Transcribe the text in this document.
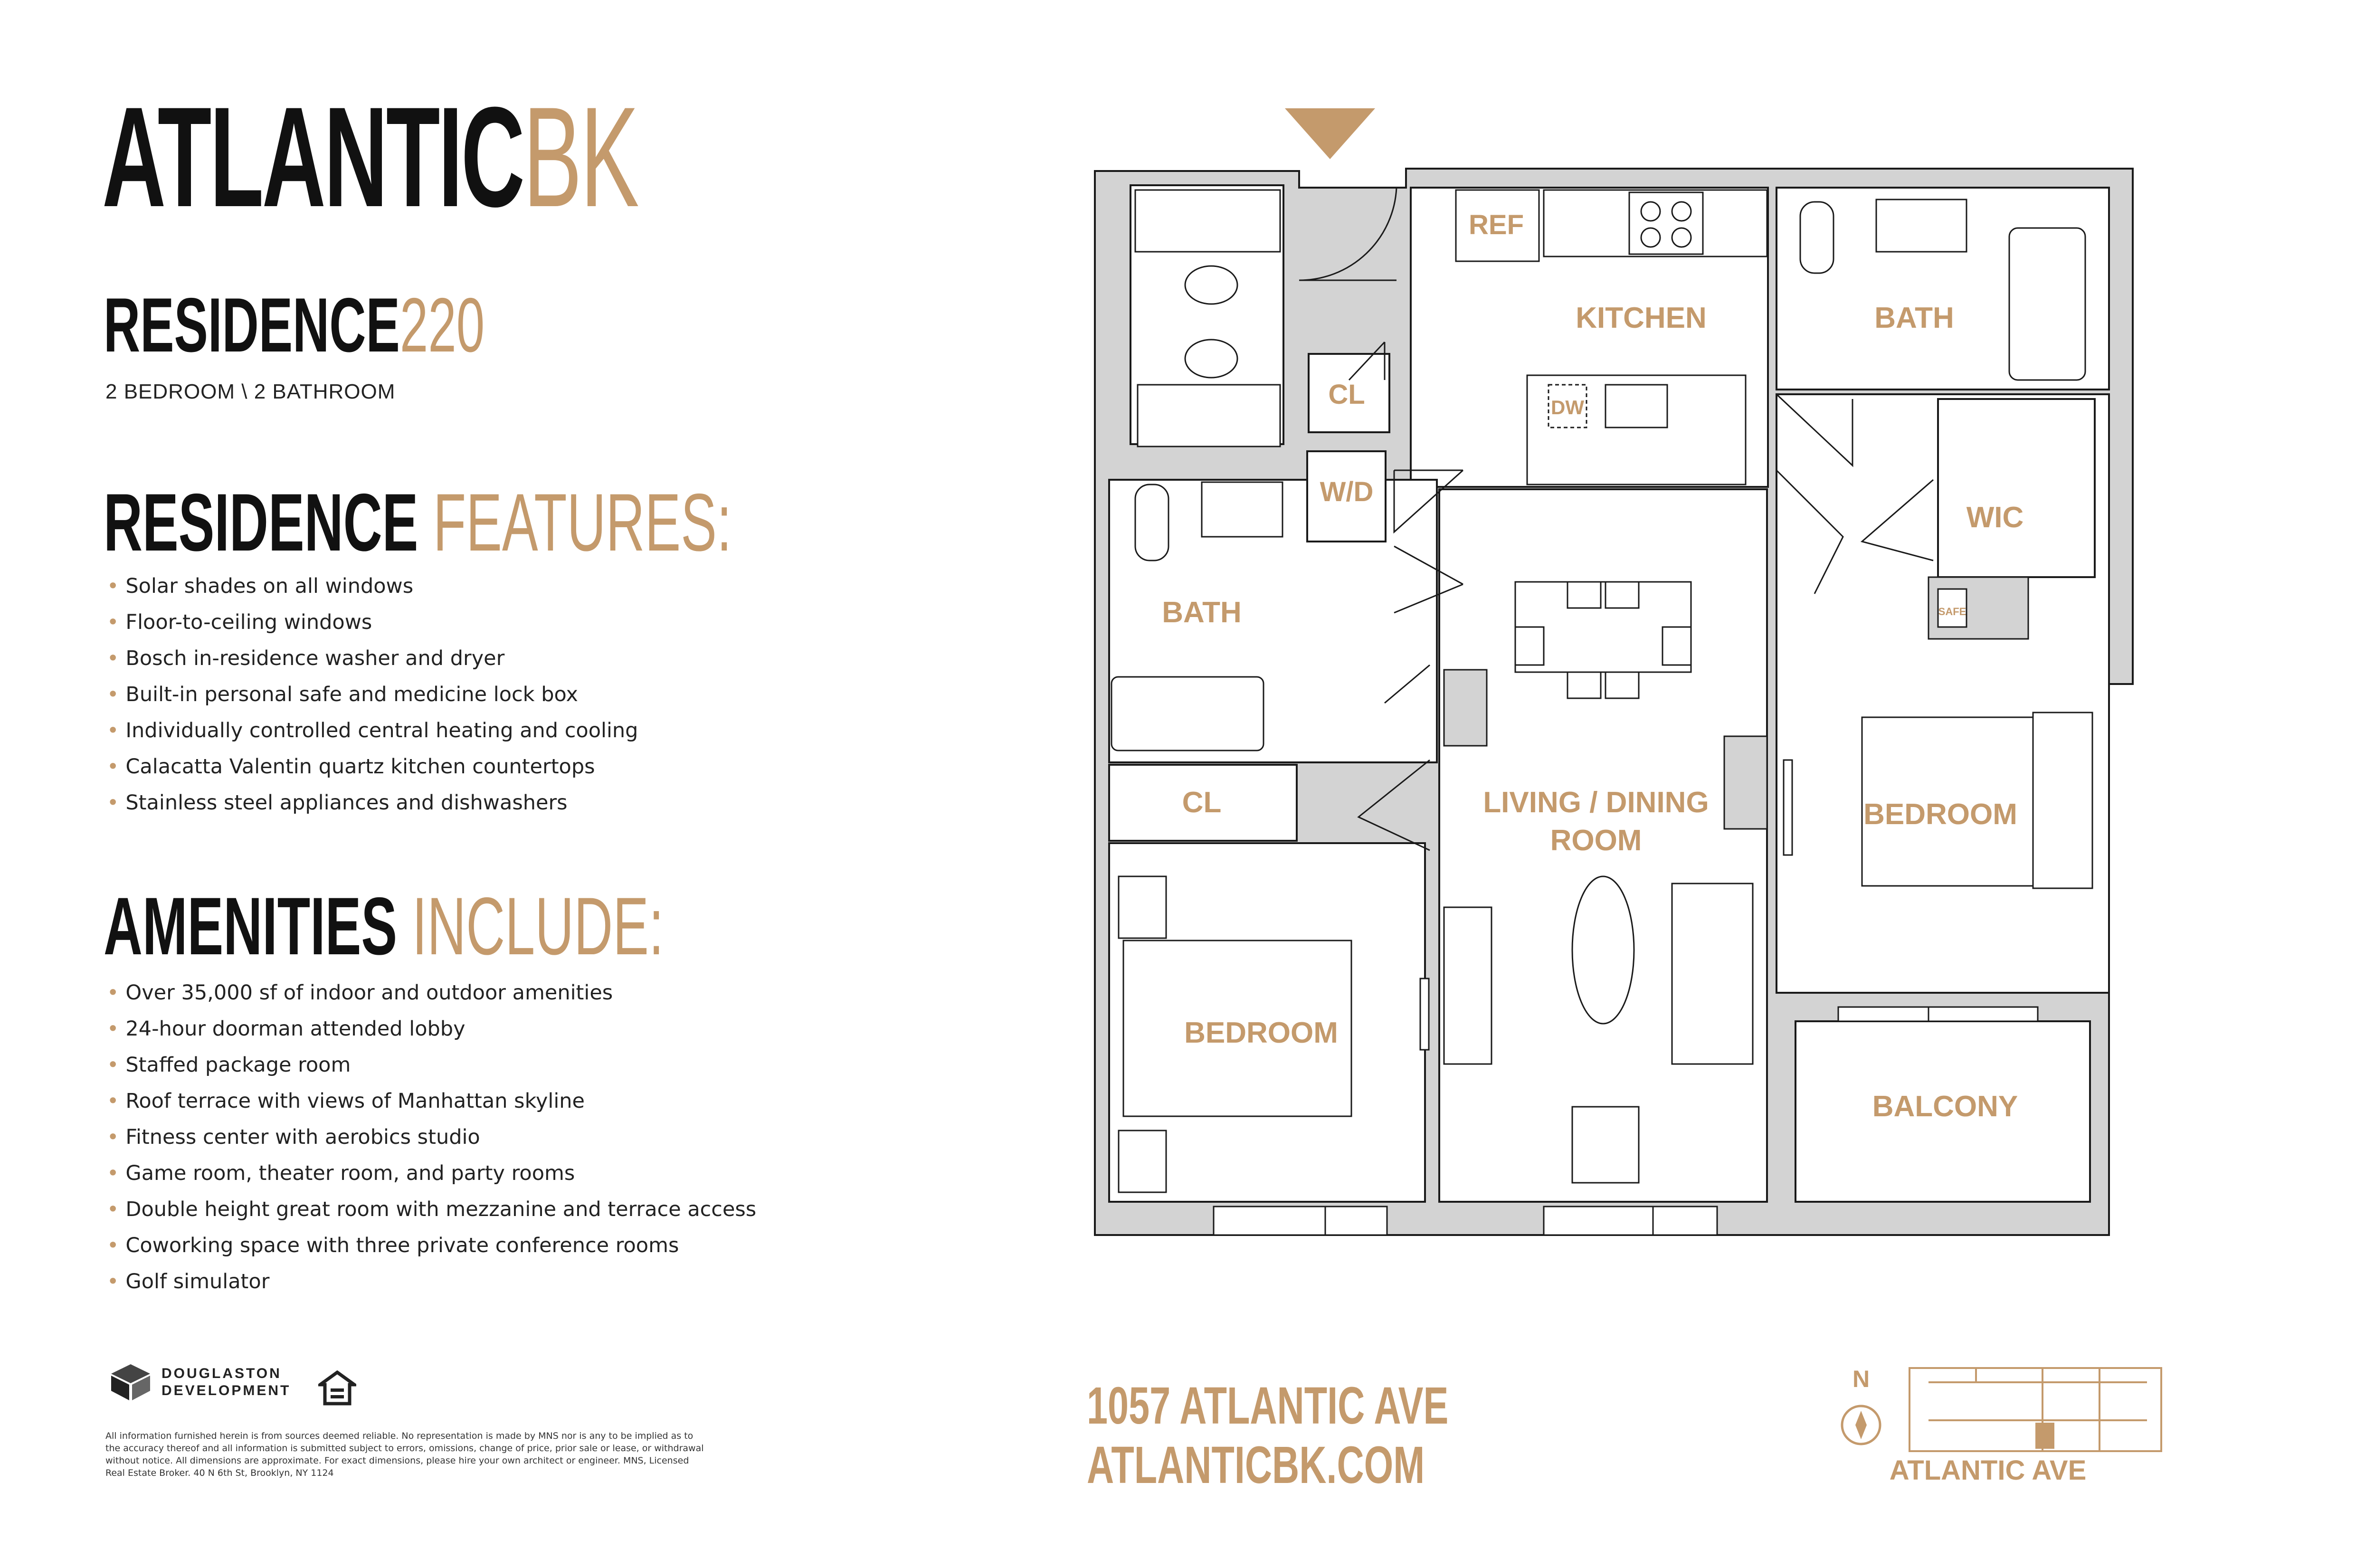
ATLANTICBK
RESIDENCE220
2 BEDROOM \ 2 BATHROOM
RESIDENCE FEATURES:
• Solar shades on all windows
• Floor-to-ceiling windows
• Bosch in-residence washer and dryer
• Built-in personal safe and medicine lock box
• Individually controlled central heating and cooling
• Calacatta Valentin quartz kitchen countertops
• Stainless steel appliances and dishwashers
AMENITIES INCLUDE:
• Over 35,000 sf of indoor and outdoor amenities
• 24-hour doorman attended lobby
• Staffed package room
• Roof terrace with views of Manhattan skyline
• Fitness center with aerobics studio
• Game room, theater room, and party rooms
• Double height great room with mezzanine and terrace access
• Coworking space with three private conference rooms
• Golf simulator
DOUGLASTON
DEVELOPMENT
All information furnished herein is from sources deemed reliable. No representation is made by MNS nor is any to be implied as to the accuracy thereof and all information is submitted subject to errors, omissions, change of price, prior sale or lease, or withdrawal without notice. All dimensions are approximate. For exact dimensions, please hire your own architect or engineer. MNS, Licensed Real Estate Broker. 40 N 6th St, Brooklyn, NY 1124
REF
KITCHEN	BATH
CL	DW
W/D
WIC
BATH	SAFE
CL	LIVING / DINING
ROOM
BEDROOM
BEDROOM
BALCONY
N
ATLANTIC AVE
1057 ATLANTIC AVE
ATLANTICBK.COM
